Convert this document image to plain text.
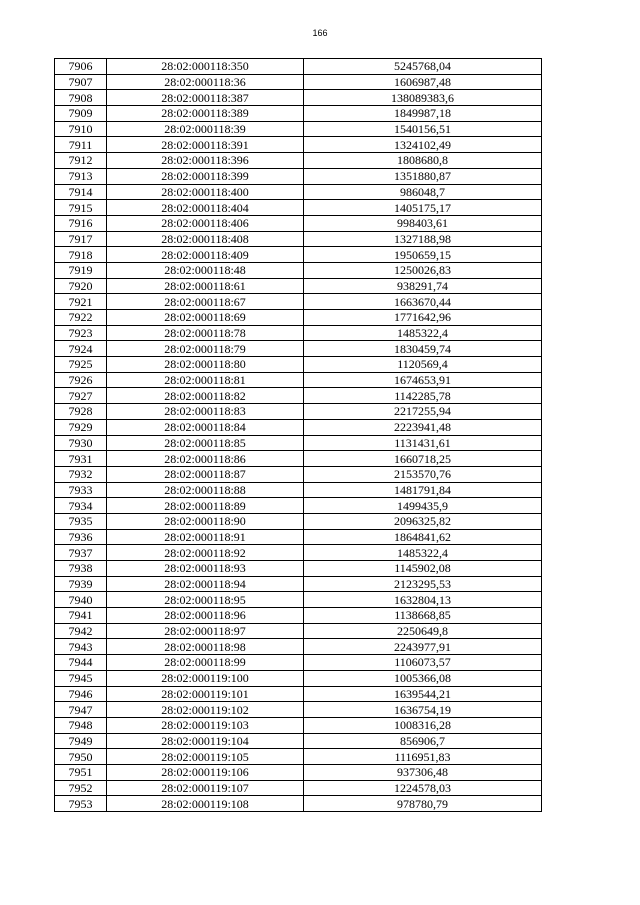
166
7906	28:02:000118:350	5245768,04
7907	28:02:000118:36	1606987,48
7908	28:02:000118:387	138089383,6
7909	28:02:000118:389	1849987,18
7910	28:02:000118:39	1540156,51
7911	28:02:000118:391	1324102,49
7912	28:02:000118:396	1808680,8
7913	28:02:000118:399	1351880,87
7914	28:02:000118:400	986048,7
7915	28:02:000118:404	1405175,17
7916	28:02:000118:406	998403,61
7917	28:02:000118:408	1327188,98
7918	28:02:000118:409	1950659,15
7919	28:02:000118:48	1250026,83
7920	28:02:000118:61	938291,74
7921	28:02:000118:67	1663670,44
7922	28:02:000118:69	1771642,96
7923	28:02:000118:78	1485322,4
7924	28:02:000118:79	1830459,74
7925	28:02:000118:80	1120569,4
7926	28:02:000118:81	1674653,91
7927	28:02:000118:82	1142285,78
7928	28:02:000118:83	2217255,94
7929	28:02:000118:84	2223941,48
7930	28:02:000118:85	1131431,61
7931	28:02:000118:86	1660718,25
7932	28:02:000118:87	2153570,76
7933	28:02:000118:88	1481791,84
7934	28:02:000118:89	1499435,9
7935	28:02:000118:90	2096325,82
7936	28:02:000118:91	1864841,62
7937	28:02:000118:92	1485322,4
7938	28:02:000118:93	1145902,08
7939	28:02:000118:94	2123295,53
7940	28:02:000118:95	1632804,13
7941	28:02:000118:96	1138668,85
7942	28:02:000118:97	2250649,8
7943	28:02:000118:98	2243977,91
7944	28:02:000118:99	1106073,57
7945	28:02:000119:100	1005366,08
7946	28:02:000119:101	1639544,21
7947	28:02:000119:102	1636754,19
7948	28:02:000119:103	1008316,28
7949	28:02:000119:104	856906,7
7950	28:02:000119:105	1116951,83
7951	28:02:000119:106	937306,48
7952	28:02:000119:107	1224578,03
7953	28:02:000119:108	978780,79
